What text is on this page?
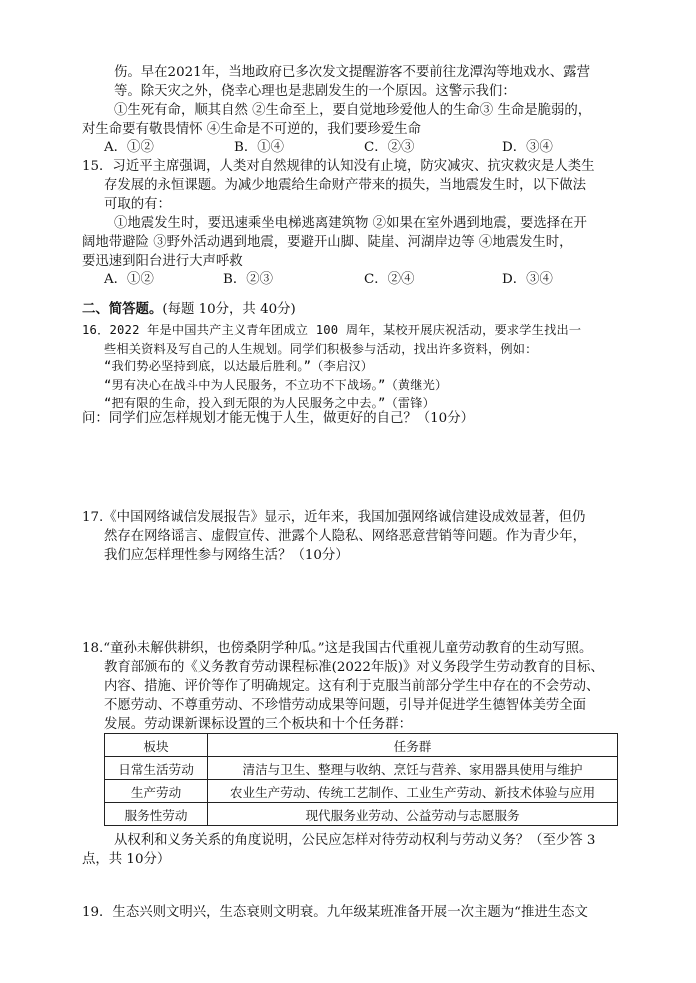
伤。早在2021年，当地政府已多次发文提醒游客不要前往龙潭沟等地戏水、露营
等。除天灾之外，侥幸心理也是悲剧发生的一个原因。这警示我们：
①生死有命，顺其自然 ②生命至上，要自觉地珍爱他人的生命③ 生命是脆弱的，
对生命要有敬畏情怀 ④生命是不可逆的，我们要珍爱生命
A．①②	B．①④	C．②③	D．③④
15．习近平主席强调，人类对自然规律的认知没有止境，防灾减灾、抗灾救灾是人类生
存发展的永恒课题。为减少地震给生命财产带来的损失，当地震发生时，以下做法
可取的有：
①地震发生时，要迅速乘坐电梯逃离建筑物 ②如果在室外遇到地震，要选择在开
阔地带避险 ③野外活动遇到地震，要避开山脚、陡崖、河湖岸边等 ④地震发生时，
要迅速到阳台进行大声呼救
A．①②	B．②③	C．②④	D．③④
二、简答题。(每题 10分，共 40分)
16．2022 年是中国共产主义青年团成立 100 周年，某校开展庆祝活动，要求学生找出一
些相关资料及写自己的人生规划。同学们积极参与活动，找出许多资料，例如：
“我们势必坚持到底，以达最后胜利。”（李启汉）
“男有决心在战斗中为人民服务，不立功不下战场。”（黄继光）
“把有限的生命，投入到无限的为人民服务之中去。”（雷锋）
问：同学们应怎样规划才能无愧于人生，做更好的自己？（10分）
17.《中国网络诚信发展报告》显示，近年来，我国加强网络诚信建设成效显著，但仍
然存在网络谣言、虚假宣传、泄露个人隐私、网络恶意营销等问题。作为青少年，
我们应怎样理性参与网络生活？（10分）
18.“童孙未解供耕织，也傍桑阴学种瓜。”这是我国古代重视儿童劳动教育的生动写照。
教育部颁布的《义务教育劳动课程标准(2022年版)》对义务段学生劳动教育的目标、
内容、措施、评价等作了明确规定。这有利于克服当前部分学生中存在的不会劳动、
不愿劳动、不尊重劳动、不珍惜劳动成果等问题，引导并促进学生德智体美劳全面
发展。劳动课新课标设置的三个板块和十个任务群：
板块	任务群
日常生活劳动	清洁与卫生、整理与收纳、烹饪与营养、家用器具使用与维护
生产劳动	农业生产劳动、传统工艺制作、工业生产劳动、新技术体验与应用
服务性劳动	现代服务业劳动、公益劳动与志愿服务
从权利和义务关系的角度说明，公民应怎样对待劳动权利与劳动义务？（至少答 3
点，共 10分）
19．生态兴则文明兴，生态衰则文明衰。九年级某班准备开展一次主题为“推进生态文
